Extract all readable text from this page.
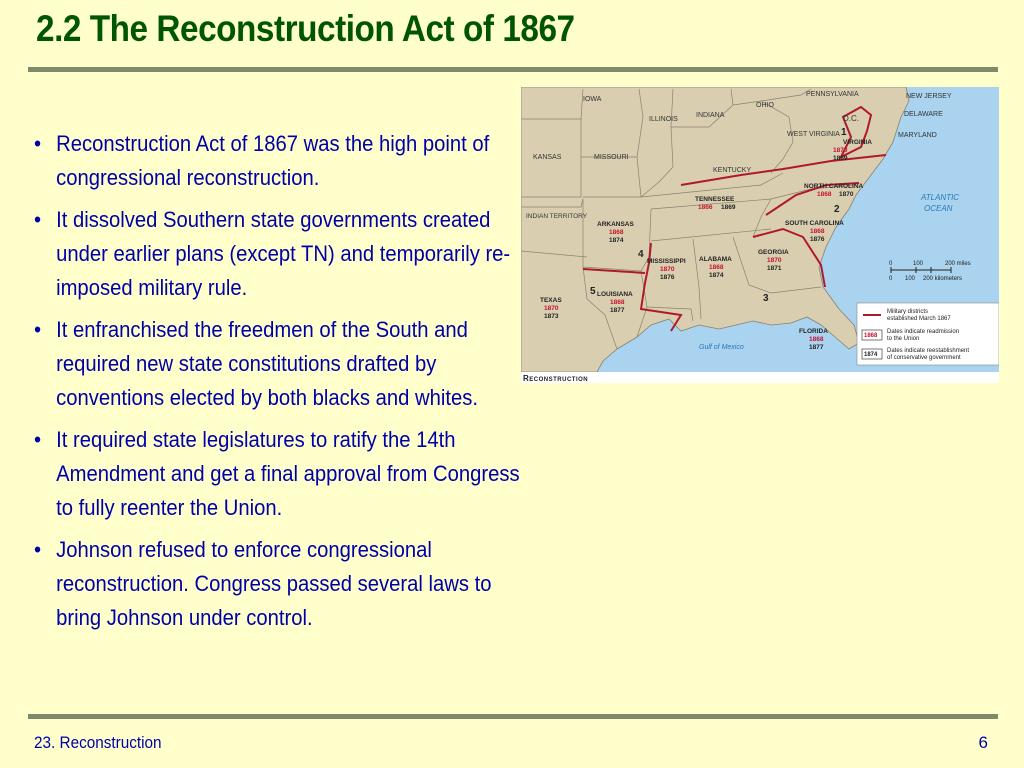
2.2 The Reconstruction Act of 1867
• Reconstruction Act of 1867 was the high point of congressional reconstruction.
• It dissolved Southern state governments created under earlier plans (except TN) and temporarily re-imposed military rule.
• It enfranchised the freedmen of the South and required new state constitutions drafted by conventions elected by both blacks and whites.
• It required state legislatures to ratify the 14th Amendment and get a final approval from Congress to fully reenter the Union.
• Johnson refused to enforce congressional reconstruction. Congress passed several laws to bring Johnson under control.
IOWA
ILLINOIS
INDIANA
OHIO
PENNSYLVANIA	NEW JERSEY
DELAWARE
MARYLAND
KANSAS	MISSOURI
KENTUCKY
WEST VIRGINIA
INDIAN TERRITORY
D.C.
VIRGINIA
1870
1869
NORTH CAROLINA
1868 1870
SOUTH CAROLINA
1868
1876
GEORGIA
1870
1871
FLORIDA
1868
1877
ALABAMA
1868
1874
MISSISSIPPI
1870
1876
LOUISIANA
1868
1877
ARKANSAS
1868
1874
TEXAS
1870
1873
TENNESSEE
1866 1869
1
2
3
4
5
ATLANTIC
OCEAN
Gulf of Mexico
0	100	200 miles
0 100 200 kilometers
Military districts
established March 1867
1868
Dates indicate readmission
to the Union
1874
Dates indicate reestablishment
of conservative government
Reconstruction
23. Reconstruction	6
